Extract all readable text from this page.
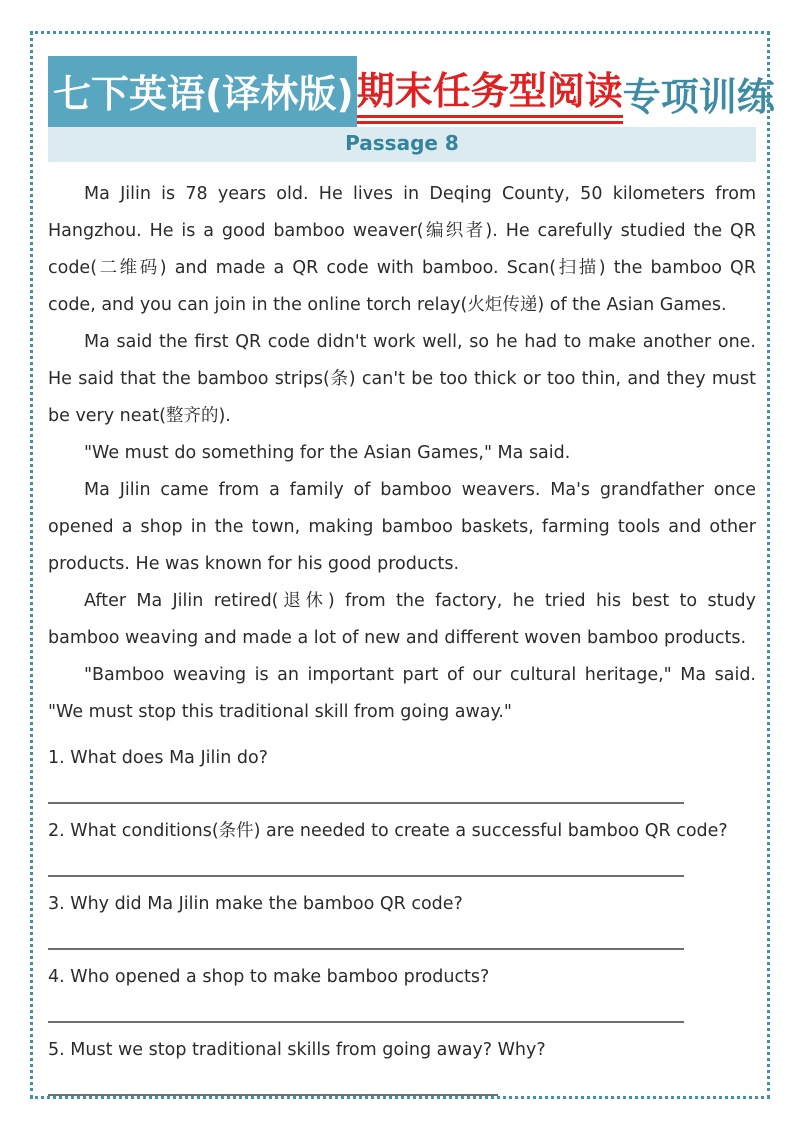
七下英语(译林版) 期末任务型阅读 专项训练
Passage 8

Ma Jilin is 78 years old. He lives in Deqing County, 50 kilometers from Hangzhou. He is a good bamboo weaver(编织者). He carefully studied the QR code(二维码) and made a QR code with bamboo. Scan(扫描) the bamboo QR code, and you can join in the online torch relay(火炬传递) of the Asian Games.

Ma said the first QR code didn't work well, so he had to make another one. He said that the bamboo strips(条) can't be too thick or too thin, and they must be very neat(整齐的).

"We must do something for the Asian Games," Ma said.

Ma Jilin came from a family of bamboo weavers. Ma's grandfather once opened a shop in the town, making bamboo baskets, farming tools and other products. He was known for his good products.

After Ma Jilin retired(退休) from the factory, he tried his best to study bamboo weaving and made a lot of new and different woven bamboo products.

"Bamboo weaving is an important part of our cultural heritage," Ma said. "We must stop this traditional skill from going away."

1. What does Ma Jilin do?
2. What conditions(条件) are needed to create a successful bamboo QR code?
3. Why did Ma Jilin make the bamboo QR code?
4. Who opened a shop to make bamboo products?
5. Must we stop traditional skills from going away? Why?
